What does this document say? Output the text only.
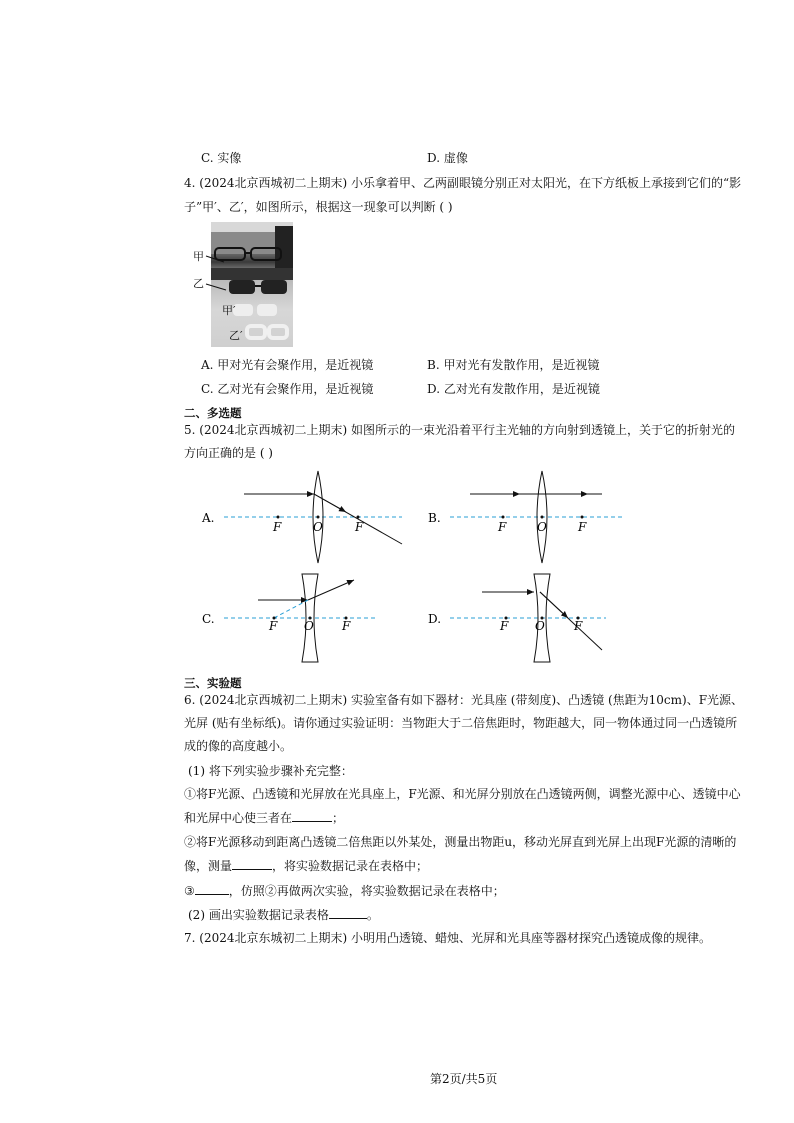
C. 实像	D. 虚像
4. (2024北京西城初二上期末) 小乐拿着甲、乙两副眼镜分别正对太阳光，在下方纸板上承接到它们的“影
子”甲′、乙′，如图所示，根据这一现象可以判断 ( )
甲
乙
甲′
乙′
A. 甲对光有会聚作用，是近视镜	B. 甲对光有发散作用，是近视镜
C. 乙对光有会聚作用，是近视镜	D. 乙对光有发散作用，是近视镜
二、多选题
5. (2024北京西城初二上期末) 如图所示的一束光沿着平行主光轴的方向射到透镜上，关于它的折射光的
方向正确的是 ( )
A.
F	O	F
B.
F	O	F
C.	F O F	D.	F O F
三、实验题
6. (2024北京西城初二上期末) 实验室备有如下器材：光具座 (带刻度)、凸透镜 (焦距为10cm)、F光源、
光屏 (贴有坐标纸)。请你通过实验证明：当物距大于二倍焦距时，物距越大，同一物体通过同一凸透镜所
成的像的高度越小。
(1) 将下列实验步骤补充完整：
①将F光源、凸透镜和光屏放在光具座上，F光源、和光屏分别放在凸透镜两侧，调整光源中心、透镜中心
和光屏中心使三者在	；
②将F光源移动到距离凸透镜二倍焦距以外某处，测量出物距u，移动光屏直到光屏上出现F光源的清晰的
像，测量	，将实验数据记录在表格中；
③	，仿照②再做两次实验，将实验数据记录在表格中；
(2) 画出实验数据记录表格	。
7. (2024北京东城初二上期末) 小明用凸透镜、蜡烛、光屏和光具座等器材探究凸透镜成像的规律。
第2页/共5页
